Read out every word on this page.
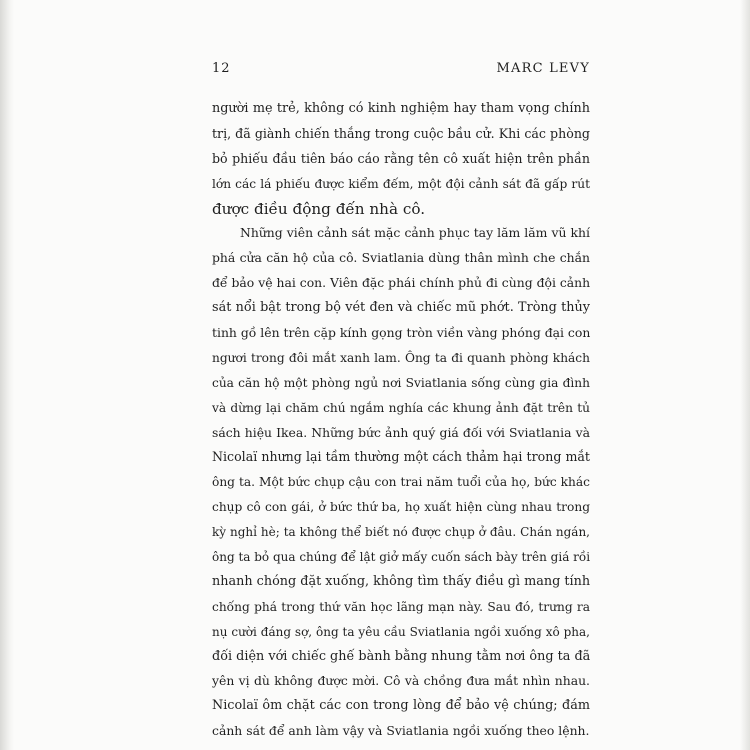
12	MARC LEVY
người mẹ trẻ, không có kinh nghiệm hay tham vọng chính
trị, đã giành chiến thắng trong cuộc bầu cử. Khi các phòng
bỏ phiếu đầu tiên báo cáo rằng tên cô xuất hiện trên phần
lớn các lá phiếu được kiểm đếm, một đội cảnh sát đã gấp rút
được điều động đến nhà cô.
Những viên cảnh sát mặc cảnh phục tay lăm lăm vũ khí
phá cửa căn hộ của cô. Sviatlania dùng thân mình che chắn
để bảo vệ hai con. Viên đặc phái chính phủ đi cùng đội cảnh
sát nổi bật trong bộ vét đen và chiếc mũ phớt. Tròng thủy
tinh gồ lên trên cặp kính gọng tròn viền vàng phóng đại con
ngươi trong đôi mắt xanh lam. Ông ta đi quanh phòng khách
của căn hộ một phòng ngủ nơi Sviatlania sống cùng gia đình
và dừng lại chăm chú ngắm nghía các khung ảnh đặt trên tủ
sách hiệu Ikea. Những bức ảnh quý giá đối với Sviatlania và
Nicolaï nhưng lại tầm thường một cách thảm hại trong mắt
ông ta. Một bức chụp cậu con trai năm tuổi của họ, bức khác
chụp cô con gái, ở bức thứ ba, họ xuất hiện cùng nhau trong
kỳ nghỉ hè; ta không thể biết nó được chụp ở đâu. Chán ngán,
ông ta bỏ qua chúng để lật giở mấy cuốn sách bày trên giá rồi
nhanh chóng đặt xuống, không tìm thấy điều gì mang tính
chống phá trong thứ văn học lãng mạn này. Sau đó, trưng ra
nụ cười đáng sợ, ông ta yêu cầu Sviatlania ngồi xuống xô pha,
đối diện với chiếc ghế bành bằng nhung tằm nơi ông ta đã
yên vị dù không được mời. Cô và chồng đưa mắt nhìn nhau.
Nicolaï ôm chặt các con trong lòng để bảo vệ chúng; đám
cảnh sát để anh làm vậy và Sviatlania ngồi xuống theo lệnh.
